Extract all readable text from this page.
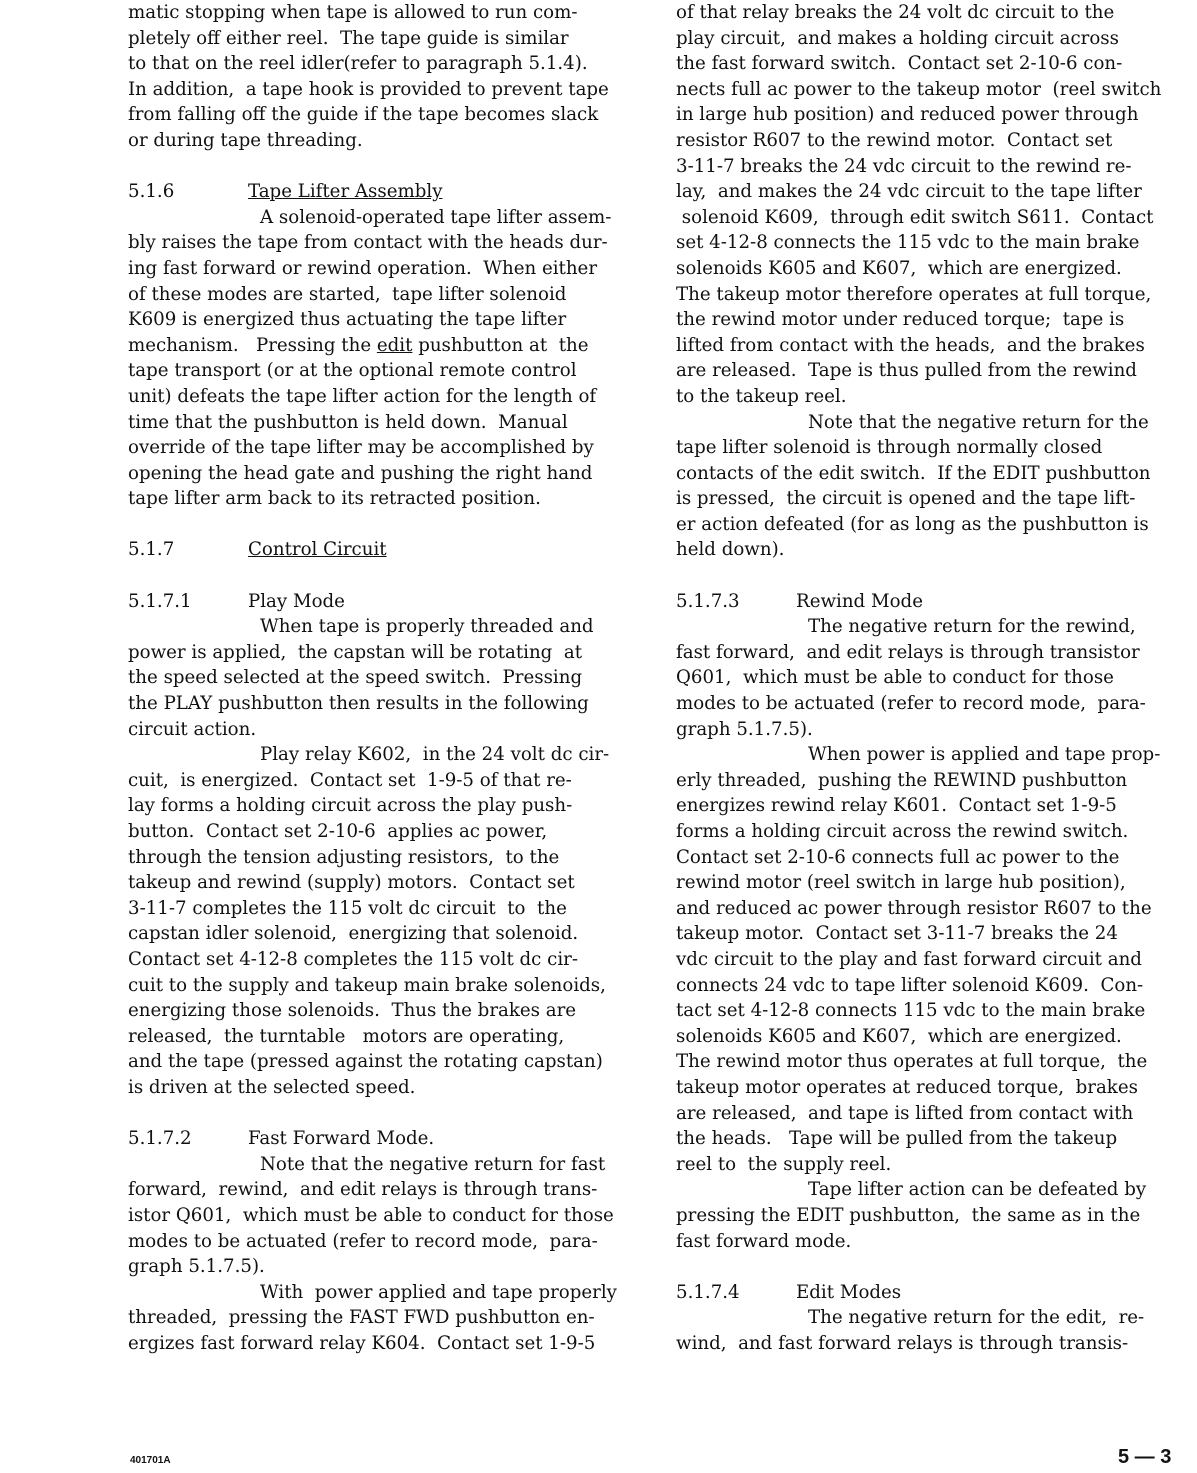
matic stopping when tape is allowed to run com-
pletely off either reel.  The tape guide is similar
to that on the reel idler(refer to paragraph 5.1.4).
In addition,  a tape hook is provided to prevent tape
from falling off the guide if the tape becomes slack
or during tape threading.
5.1.6	Tape Lifter Assembly
A solenoid-operated tape lifter assem-
bly raises the tape from contact with the heads dur-
ing fast forward or rewind operation.  When either
of these modes are started,  tape lifter solenoid
K609 is energized thus actuating the tape lifter
mechanism.   Pressing the edit pushbutton at  the
tape transport (or at the optional remote control
unit) defeats the tape lifter action for the length of
time that the pushbutton is held down.  Manual
override of the tape lifter may be accomplished by
opening the head gate and pushing the right hand
tape lifter arm back to its retracted position.
5.1.7	Control Circuit
5.1.7.1	Play Mode
When tape is properly threaded and
power is applied,  the capstan will be rotating  at
the speed selected at the speed switch.  Pressing
the PLAY pushbutton then results in the following
circuit action.
Play relay K602,  in the 24 volt dc cir-
cuit,  is energized.  Contact set  1-9-5 of that re-
lay forms a holding circuit across the play push-
button.  Contact set 2-10-6  applies ac power,
through the tension adjusting resistors,  to the
takeup and rewind (supply) motors.  Contact set
3-11-7 completes the 115 volt dc circuit  to  the
capstan idler solenoid,  energizing that solenoid.
Contact set 4-12-8 completes the 115 volt dc cir-
cuit to the supply and takeup main brake solenoids,
energizing those solenoids.  Thus the brakes are
released,  the turntable   motors are operating,
and the tape (pressed against the rotating capstan)
is driven at the selected speed.
5.1.7.2	Fast Forward Mode.
Note that the negative return for fast
forward,  rewind,  and edit relays is through trans-
istor Q601,  which must be able to conduct for those
modes to be actuated (refer to record mode,  para-
graph 5.1.7.5).
With  power applied and tape properly
threaded,  pressing the FAST FWD pushbutton en-
ergizes fast forward relay K604.  Contact set 1-9-5
of that relay breaks the 24 volt dc circuit to the
play circuit,  and makes a holding circuit across
the fast forward switch.  Contact set 2-10-6 con-
nects full ac power to the takeup motor  (reel switch
in large hub position) and reduced power through
resistor R607 to the rewind motor.  Contact set
3-11-7 breaks the 24 vdc circuit to the rewind re-
lay,  and makes the 24 vdc circuit to the tape lifter
solenoid K609,  through edit switch S611.  Contact
set 4-12-8 connects the 115 vdc to the main brake
solenoids K605 and K607,  which are energized.
The takeup motor therefore operates at full torque,
the rewind motor under reduced torque;  tape is
lifted from contact with the heads,  and the brakes
are released.  Tape is thus pulled from the rewind
to the takeup reel.
Note that the negative return for the
tape lifter solenoid is through normally closed
contacts of the edit switch.  If the EDIT pushbutton
is pressed,  the circuit is opened and the tape lift-
er action defeated (for as long as the pushbutton is
held down).
5.1.7.3	Rewind Mode
The negative return for the rewind,
fast forward,  and edit relays is through transistor
Q601,  which must be able to conduct for those
modes to be actuated (refer to record mode,  para-
graph 5.1.7.5).
When power is applied and tape prop-
erly threaded,  pushing the REWIND pushbutton
energizes rewind relay K601.  Contact set 1-9-5
forms a holding circuit across the rewind switch.
Contact set 2-10-6 connects full ac power to the
rewind motor (reel switch in large hub position),
and reduced ac power through resistor R607 to the
takeup motor.  Contact set 3-11-7 breaks the 24
vdc circuit to the play and fast forward circuit and
connects 24 vdc to tape lifter solenoid K609.  Con-
tact set 4-12-8 connects 115 vdc to the main brake
solenoids K605 and K607,  which are energized.
The rewind motor thus operates at full torque,  the
takeup motor operates at reduced torque,  brakes
are released,  and tape is lifted from contact with
the heads.   Tape will be pulled from the takeup
reel to  the supply reel.
Tape lifter action can be defeated by
pressing the EDIT pushbutton,  the same as in the
fast forward mode.
5.1.7.4	Edit Modes
The negative return for the edit,  re-
wind,  and fast forward relays is through transis-
401701A	5 — 3
